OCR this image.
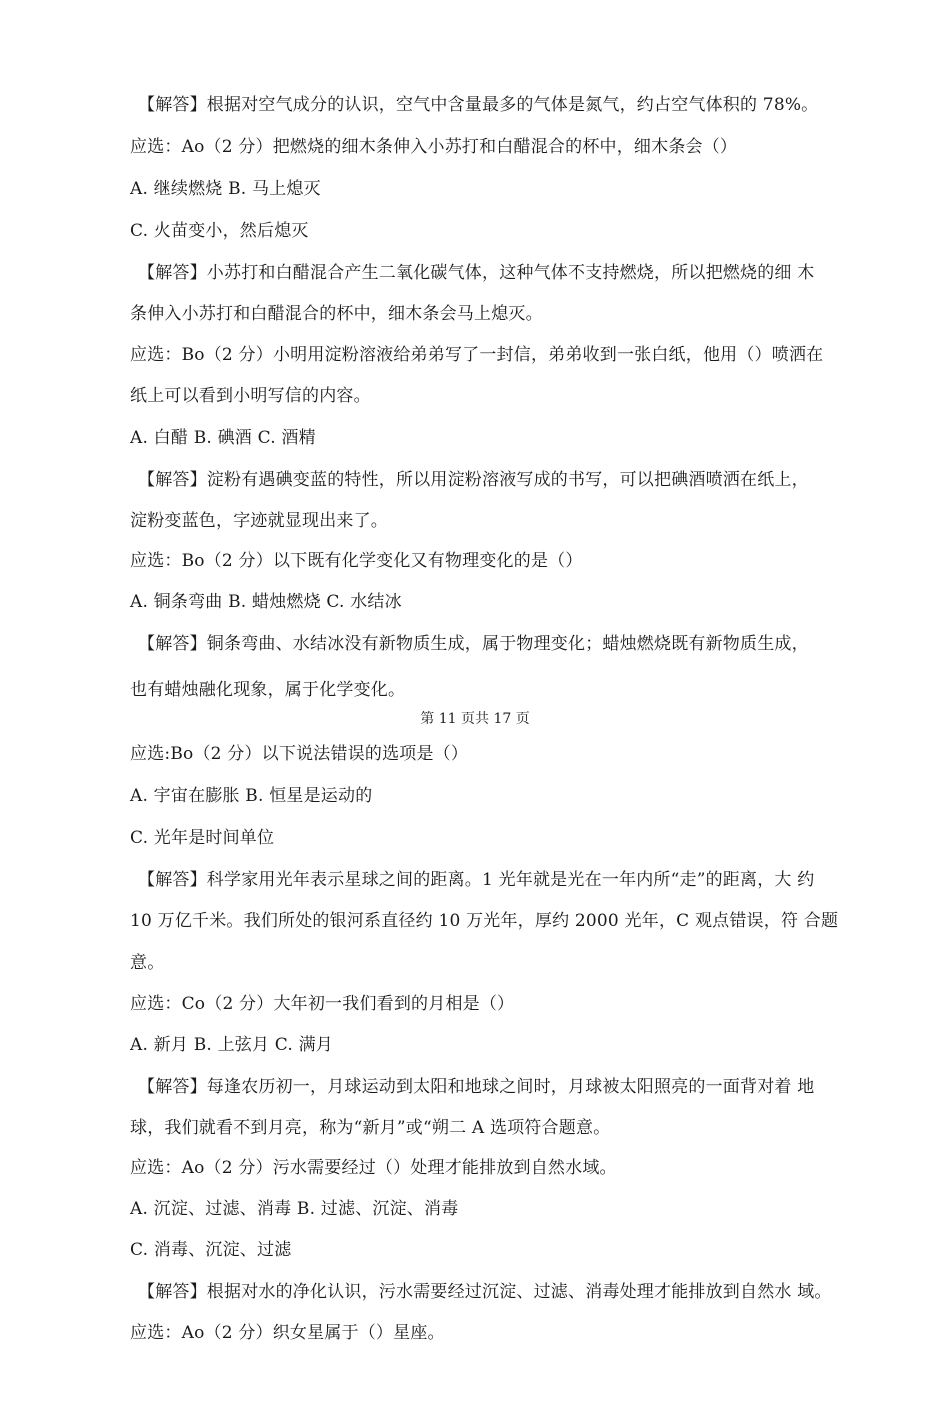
【解答】根据对空气成分的认识，空气中含量最多的气体是氮气，约占空气体积的 78%。
应选：Ao（2 分）把燃烧的细木条伸入小苏打和白醋混合的杯中，细木条会（）
A. 继续燃烧 B. 马上熄灭
C. 火苗变小，然后熄灭
【解答】小苏打和白醋混合产生二氧化碳气体，这种气体不支持燃烧，所以把燃烧的细 木
条伸入小苏打和白醋混合的杯中，细木条会马上熄灭。
应选：Bo（2 分）小明用淀粉溶液给弟弟写了一封信，弟弟收到一张白纸，他用（）喷洒在
纸上可以看到小明写信的内容。
A. 白醋 B. 碘酒 C. 酒精
【解答】淀粉有遇碘变蓝的特性，所以用淀粉溶液写成的书写，可以把碘酒喷洒在纸上，
淀粉变蓝色，字迹就显现出来了。
应选：Bo（2 分）以下既有化学变化又有物理变化的是（）
A. 铜条弯曲 B. 蜡烛燃烧 C. 水结冰
【解答】铜条弯曲、水结冰没有新物质生成，属于物理变化；蜡烛燃烧既有新物质生成，
也有蜡烛融化现象，属于化学变化。
第 11 页共 17 页
应选:Bo（2 分）以下说法错误的选项是（）
A. 宇宙在膨胀 B. 恒星是运动的
C. 光年是时间单位
【解答】科学家用光年表示星球之间的距离。1 光年就是光在一年内所“走”的距离，大 约
10 万亿千米。我们所处的银河系直径约 10 万光年，厚约 2000 光年，C 观点错误，符 合题
意。
应选：Co（2 分）大年初一我们看到的月相是（）
A. 新月 B. 上弦月 C. 满月
【解答】每逢农历初一，月球运动到太阳和地球之间时，月球被太阳照亮的一面背对着 地
球，我们就看不到月亮，称为“新月”或“朔二 A 选项符合题意。
应选：Ao（2 分）污水需要经过（）处理才能排放到自然水域。
A. 沉淀、过滤、消毒 B. 过滤、沉淀、消毒
C. 消毒、沉淀、过滤
【解答】根据对水的净化认识，污水需要经过沉淀、过滤、消毒处理才能排放到自然水 域。
应选：Ao（2 分）织女星属于（）星座。
